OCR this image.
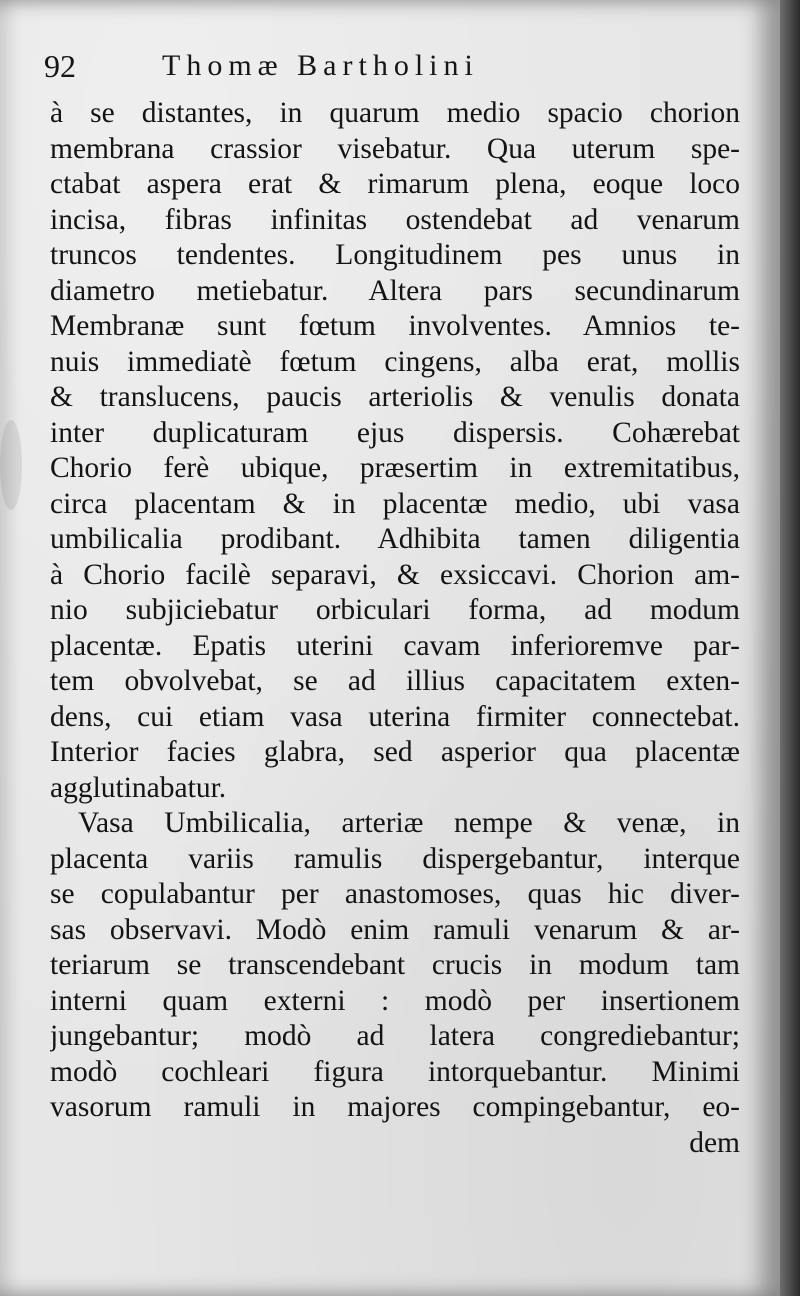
92	Thomæ Bartholini
à se distantes, in quarum medio spacio chorion
membrana crassior visebatur. Qua uterum spe-
ctabat aspera erat & rimarum plena, eoque loco
incisa, fibras infinitas ostendebat ad venarum
truncos tendentes. Longitudinem pes unus in
diametro metiebatur. Altera pars secundinarum
Membranæ sunt fœtum involventes. Amnios te-
nuis immediatè fœtum cingens, alba erat, mollis
& translucens, paucis arteriolis & venulis donata
inter duplicaturam ejus dispersis. Cohærebat
Chorio ferè ubique, præsertim in extremitatibus,
circa placentam & in placentæ medio, ubi vasa
umbilicalia prodibant. Adhibita tamen diligentia
à Chorio facilè separavi, & exsiccavi. Chorion am-
nio subjiciebatur orbiculari forma, ad modum
placentæ. Epatis uterini cavam inferioremve par-
tem obvolvebat, se ad illius capacitatem exten-
dens, cui etiam vasa uterina firmiter connectebat.
Interior facies glabra, sed asperior qua placentæ
agglutinabatur.
Vasa Umbilicalia, arteriæ nempe & venæ, in
placenta variis ramulis dispergebantur, interque
se copulabantur per anastomoses, quas hic diver-
sas observavi. Modò enim ramuli venarum & ar-
teriarum se transcendebant crucis in modum tam
interni quam externi : modò per insertionem
jungebantur; modò ad latera congrediebantur;
modò cochleari figura intorquebantur. Minimi
vasorum ramuli in majores compingebantur, eo-
dem
